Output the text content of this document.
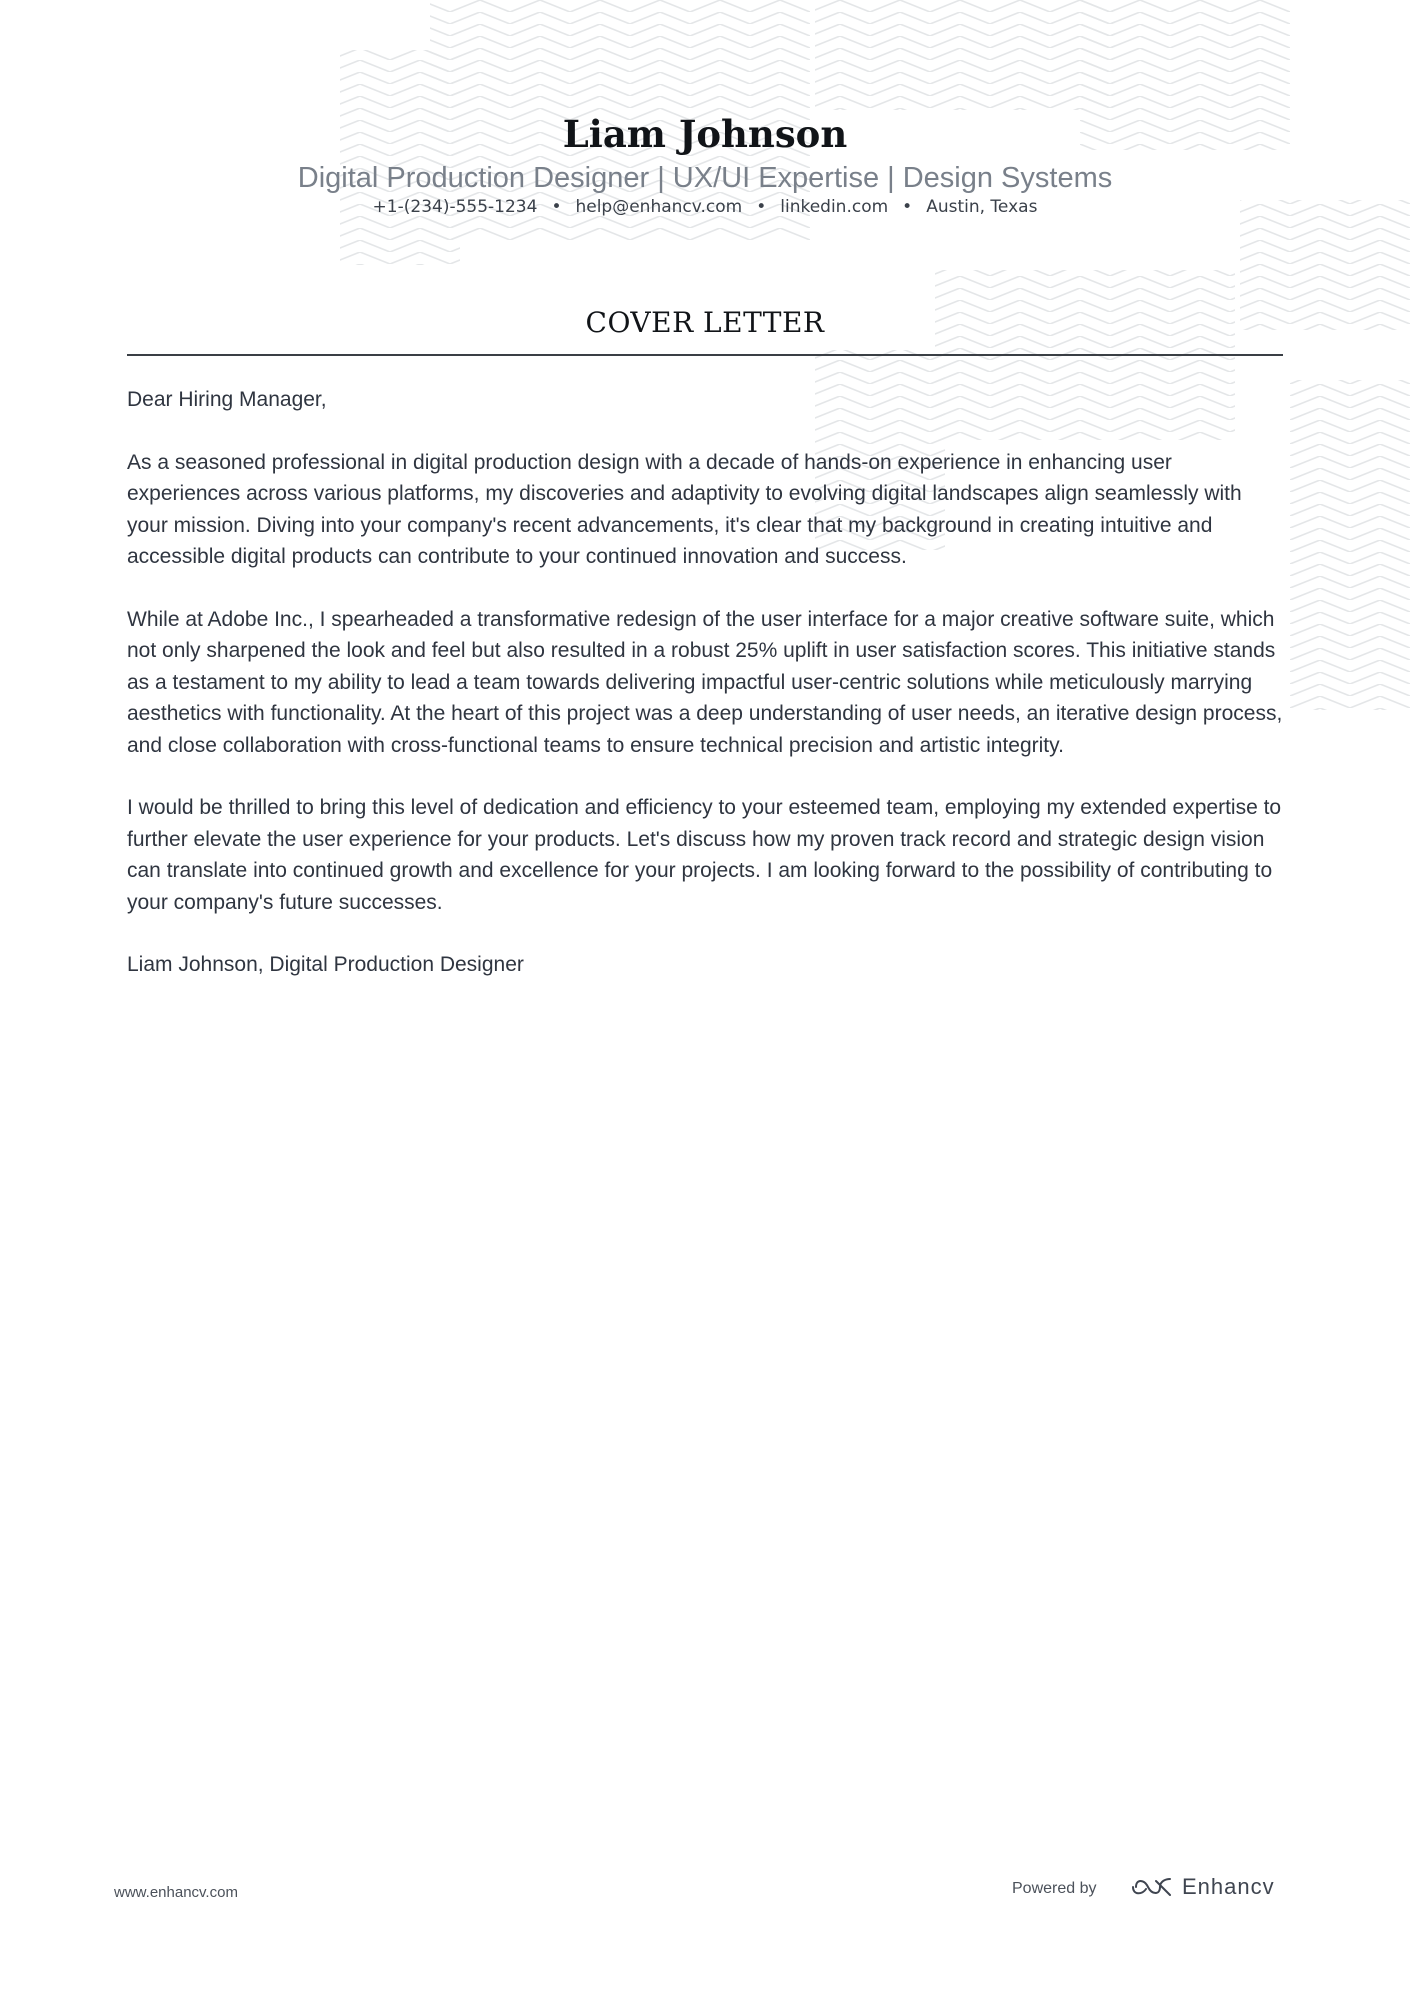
Liam Johnson
Digital Production Designer | UX/UI Expertise | Design Systems
+1-(234)-555-1234 • help@enhancv.com • linkedin.com • Austin, Texas
COVER LETTER

Dear Hiring Manager,

As a seasoned professional in digital production design with a decade of hands-on experience in enhancing user experiences across various platforms, my discoveries and adaptivity to evolving digital landscapes align seamlessly with your mission. Diving into your company's recent advancements, it's clear that my background in creating intuitive and accessible digital products can contribute to your continued innovation and success.

While at Adobe Inc., I spearheaded a transformative redesign of the user interface for a major creative software suite, which not only sharpened the look and feel but also resulted in a robust 25% uplift in user satisfaction scores. This initiative stands as a testament to my ability to lead a team towards delivering impactful user-centric solutions while meticulously marrying aesthetics with functionality. At the heart of this project was a deep understanding of user needs, an iterative design process, and close collaboration with cross-functional teams to ensure technical precision and artistic integrity.

I would be thrilled to bring this level of dedication and efficiency to your esteemed team, employing my extended expertise to further elevate the user experience for your products. Let's discuss how my proven track record and strategic design vision can translate into continued growth and excellence for your projects. I am looking forward to the possibility of contributing to your company's future successes.

Liam Johnson, Digital Production Designer

www.enhancv.com	Powered by	Enhancv
